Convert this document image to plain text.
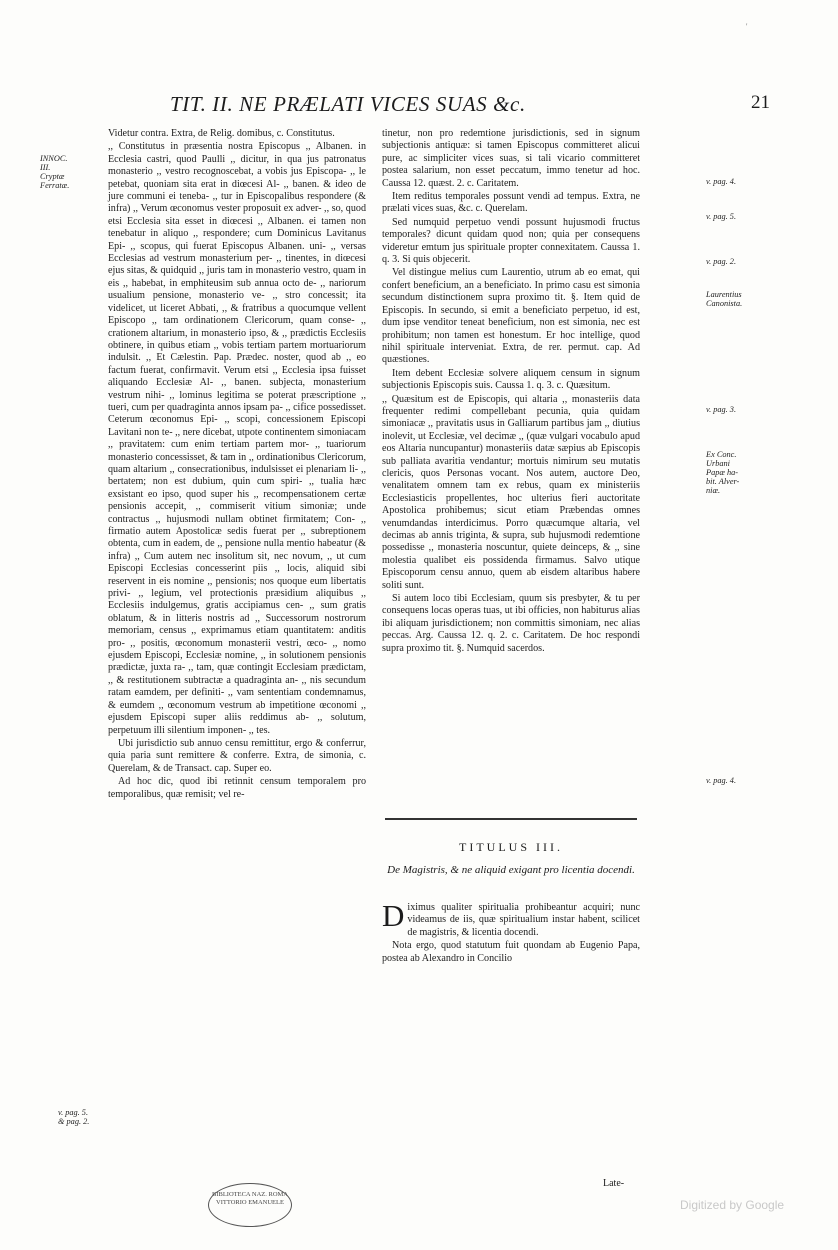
TIT. II. NE PRÆLATI VICES SUAS &c.	21

Videtur contra. Extra, de Relig. domibus, c. Constitutus.

,, Constitutus in præsentia nostra Episcopus ,, Albanen. in Ecclesia castri, quod Paulli ,, dicitur, in qua jus patronatus monasterio ,, vestro recognoscebat, a vobis jus Episcopa- ,, le petebat, quoniam sita erat in diœcesi Al- ,, banen. & ideo de jure communi ei teneba- ,, tur in Episcopalibus respondere (& infra) ,, Verum œconomus vester proposuit ex adver- ,, so, quod etsi Ecclesia sita esset in diœcesi ,, Albanen. ei tamen non tenebatur in aliquo ,, respondere; cum Dominicus Lavitanus Epi- ,, scopus, qui fuerat Episcopus Albanen. uni- ,, versas Ecclesias ad vestrum monasterium per- ,, tinentes, in diœcesi ejus sitas, & quidquid ,, juris tam in monasterio vestro, quam in eis ,, habebat, in emphiteusim sub annua octo de- ,, nariorum usualium pensione, monasterio ve- ,, stro concessit; ita videlicet, ut liceret Abbati, ,, & fratribus a quocumque vellent Episcopo ,, tam ordinationem Clericorum, quam conse- ,, crationem altarium, in monasterio ipso, & ,, prædictis Ecclesiis obtinere, in quibus etiam ,, vobis tertiam partem mortuariorum indulsit. ,, Et Cælestin. Pap. Prædec. noster, quod ab ,, eo factum fuerat, confirmavit. Verum etsi ,, Ecclesia ipsa fuisset aliquando Ecclesiæ Al- ,, banen. subjecta, monasterium vestrum nihi- ,, lominus legitima se poterat præscriptione ,, tueri, cum per quadraginta annos ipsam pa- ,, cifice possedisset. Ceterum œconomus Epi- ,, scopi, concessionem Episcopi Lavitani non te- ,, nere dicebat, utpote continentem simoniacam ,, pravitatem: cum enim tertiam partem mor- ,, tuariorum monasterio concessisset, & tam in ,, ordinationibus Clericorum, quam altarium ,, consecrationibus, indulsisset ei plenariam li- ,, bertatem; non est dubium, quin cum spiri- ,, tualia hæc exsistant eo ipso, quod super his ,, recompensationem certæ pensionis accepit, ,, commiserit vitium simoniæ; unde contractus ,, hujusmodi nullam obtinet firmitatem; Con- ,, firmatio autem Apostolicæ sedis fuerat per ,, subreptionem obtenta, cum in eadem, de ,, pensione nulla mentio habeatur (& infra) ,, Cum autem nec insolitum sit, nec novum, ,, ut cum Episcopi Ecclesias concesserint piis ,, locis, aliquid sibi reservent in eis nomine ,, pensionis; nos quoque eum libertatis privi- ,, legium, vel protectionis præsidium aliquibus ,, Ecclesiis indulgemus, gratis accipiamus cen- ,, sum gratis oblatum, & in litteris nostris ad ,, Successorum nostrorum memoriam, census ,, exprimamus etiam quantitatem: anditis pro- ,, positis, œconomum monasterii vestri, œco- ,, nomo ejusdem Episcopi, Ecclesiæ nomine, ,, in solutionem pensionis prædictæ, juxta ra- ,, tam, quæ contingit Ecclesiam prædictam, ,, & restitutionem subtractæ a quadraginta an- ,, nis secundum ratam eamdem, per definiti- ,, vam sententiam condemnamus, & eumdem ,, œconomum vestrum ab impetitione œconomi ,, ejusdem Episcopi super aliis reddimus ab- ,, solutum, perpetuum illi silentium imponen- ,, tes.

Ubi jurisdictio sub annuo censu remittitur, ergo & conferrur, quia paria sunt remittere & conferre. Extra, de simonia, c. Querelam, & de Transact. cap. Super eo.

Ad hoc dic, quod ibi retinnit censum temporalem pro temporalibus, quæ remisit; vel re-

INNOC.
III.
Cryptæ
Ferratæ.
v. pag. 5.
& pag. 2.

tinetur, non pro redemtione jurisdictionis, sed in signum subjectionis antiquæ: si tamen Episcopus committeret alicui pure, ac simpliciter vices suas, si tali vicario committeret postea salarium, non esset peccatum, immo tenetur ad hoc. Caussa 12. quæst. 2. c. Caritatem.

Item reditus temporales possunt vendi ad tempus. Extra, ne prælati vices suas, &c. c. Querelam.

Sed numquid perpetuo vendi possunt hujusmodi fructus temporales? dicunt quidam quod non; quia per consequens videretur emtum jus spirituale propter connexitatem. Caussa 1. q. 3. Si quis objecerit.

Vel distingue melius cum Laurentio, utrum ab eo emat, qui confert beneficium, an a beneficiato. In primo casu est simonia secundum distinctionem supra proximo tit. §. Item quid de Episcopis. In secundo, si emit a beneficiato perpetuo, id est, dum ipse venditor teneat beneficium, non est simonia, nec est prohibitum; non tamen est honestum. Er hoc intellige, quod nihil spirituale interveniat. Extra, de rer. permut. cap. Ad quæstiones.

Item debent Ecclesiæ solvere aliquem censum in signum subjectionis Episcopis suis. Caussa 1. q. 3. c. Quæsitum.

,, Quæsitum est de Episcopis, qui altaria ,, monasteriis data frequenter redimi compellebant pecunia, quia quidam simoniacæ ,, pravitatis usus in Galliarum partibus jam ,, diutius inolevit, ut Ecclesiæ, vel decimæ ,, (quæ vulgari vocabulo apud eos Altaria nuncupantur) monasteriis datæ sæpius ab Episcopis sub palliata avaritia vendantur; mortuis nimirum seu mutatis clericis, quos Personas vocant. Nos autem, auctore Deo, venalitatem omnem tam ex rebus, quam ex ministeriis Ecclesiasticis propellentes, hoc ulterius fieri auctoritate Apostolica prohibemus; sicut etiam Præbendas omnes venumdandas interdicimus. Porro quæcumque altaria, vel decimas ab annis triginta, & supra, sub hujusmodi redemtione possedisse ,, monasteria noscuntur, quiete deinceps, & ,, sine molestia qualibet eis possidenda firmamus. Salvo utique Episcoporum censu annuo, quem ab eisdem altaribus habere soliti sunt.

Si autem loco tibi Ecclesiam, quum sis presbyter, & tu per consequens locas operas tuas, ut ibi officies, non habiturus alias ibi aliquam jurisdictionem; non committis simoniam, nec alias peccas. Arg. Caussa 12. q. 2. c. Caritatem. De hoc respondi supra proximo tit. §. Numquid sacerdos.

v. pag. 4.
v. pag. 5.
v. pag. 2.
Laurentius Canonista.
v. pag. 3.
Ex Conc.
Urbani
Papæ ha-
bit. Alver-
niæ.
v. pag. 4.
TITULUS III.
De Magistris, & ne aliquid exigant pro licentia docendi.

Diximus qualiter spiritualia prohibeantur acquiri; nunc videamus de iis, quæ spiritualium instar habent, scilicet de magistris, & licentia docendi.

Nota ergo, quod statutum fuit quondam ab Eugenio Papa, postea ab Alexandro in Concilio

Late-
BIBLIOTECA NAZ. ROMA VITTORIO EMANUELE	Digitized by Google
'
